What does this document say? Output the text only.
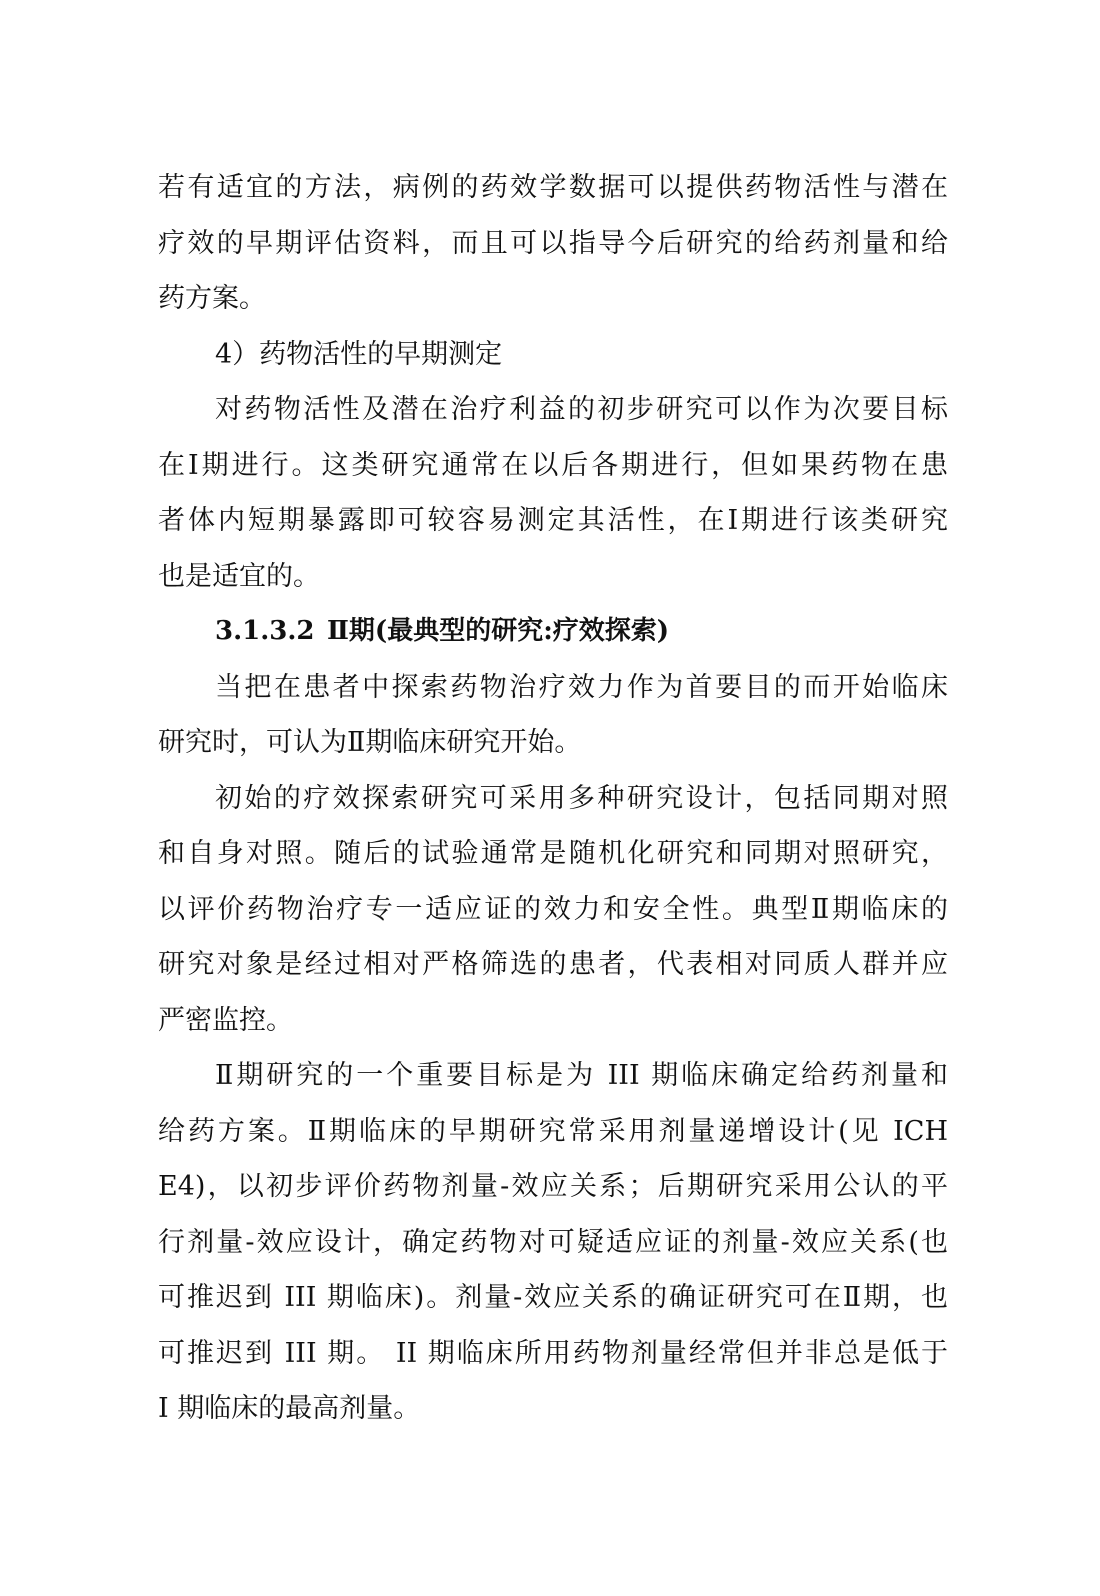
若有适宜的方法，病例的药效学数据可以提供药物活性与潜在
疗效的早期评估资料，而且可以指导今后研究的给药剂量和给
药方案。
4）药物活性的早期测定
对药物活性及潜在治疗利益的初步研究可以作为次要目标
在Ⅰ期进行。这类研究通常在以后各期进行，但如果药物在患
者体内短期暴露即可较容易测定其活性，在Ⅰ期进行该类研究
也是适宜的。
3.1.3.2 Ⅱ期(最典型的研究:疗效探索)
当把在患者中探索药物治疗效力作为首要目的而开始临床
研究时，可认为Ⅱ期临床研究开始。
初始的疗效探索研究可采用多种研究设计，包括同期对照
和自身对照。随后的试验通常是随机化研究和同期对照研究，
以评价药物治疗专一适应证的效力和安全性。典型Ⅱ期临床的
研究对象是经过相对严格筛选的患者，代表相对同质人群并应
严密监控。
Ⅱ期研究的一个重要目标是为 III 期临床确定给药剂量和
给药方案。Ⅱ期临床的早期研究常采用剂量递增设计(见 ICH
E4)，以初步评价药物剂量-效应关系；后期研究采用公认的平
行剂量-效应设计，确定药物对可疑适应证的剂量-效应关系(也
可推迟到 III 期临床)。剂量-效应关系的确证研究可在Ⅱ期，也
可推迟到 III 期。 II 期临床所用药物剂量经常但并非总是低于
I 期临床的最高剂量。
